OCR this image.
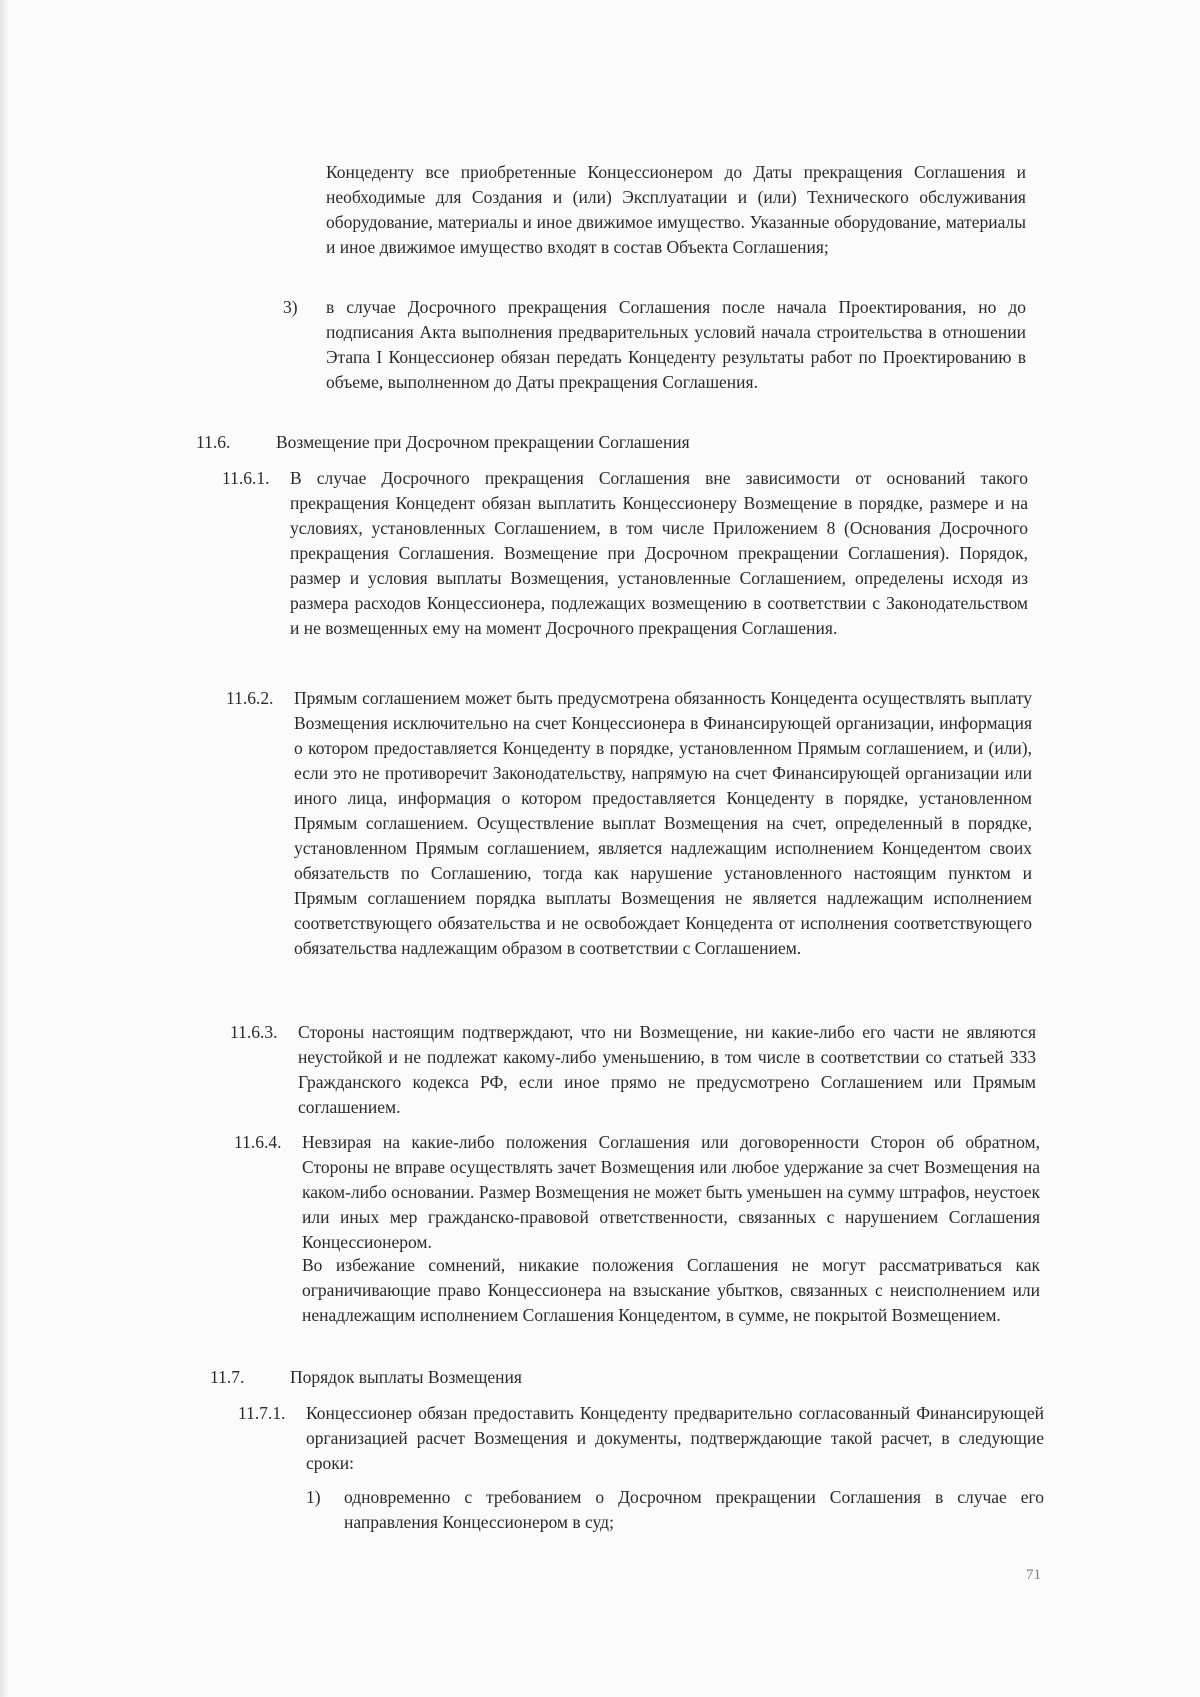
Концеденту все приобретенные Концессионером до Даты прекращения Соглашения и необходимые для Создания и (или) Эксплуатации и (или) Технического обслуживания оборудование, материалы и иное движимое имущество. Указанные оборудование, материалы и иное движимое имущество входят в состав Объекта Соглашения;
3) в случае Досрочного прекращения Соглашения после начала Проектирования, но до подписания Акта выполнения предварительных условий начала строительства в отношении Этапа I Концессионер обязан передать Концеденту результаты работ по Проектированию в объеме, выполненном до Даты прекращения Соглашения.
11.6.	Возмещение при Досрочном прекращении Соглашения
11.6.1. В случае Досрочного прекращения Соглашения вне зависимости от оснований такого прекращения Концедент обязан выплатить Концессионеру Возмещение в порядке, размере и на условиях, установленных Соглашением, в том числе Приложением 8 (Основания Досрочного прекращения Соглашения. Возмещение при Досрочном прекращении Соглашения). Порядок, размер и условия выплаты Возмещения, установленные Соглашением, определены исходя из размера расходов Концессионера, подлежащих возмещению в соответствии с Законодательством и не возмещенных ему на момент Досрочного прекращения Соглашения.
11.6.2. Прямым соглашением может быть предусмотрена обязанность Концедента осуществлять выплату Возмещения исключительно на счет Концессионера в Финансирующей организации, информация о котором предоставляется Концеденту в порядке, установленном Прямым соглашением, и (или), если это не противоречит Законодательству, напрямую на счет Финансирующей организации или иного лица, информация о котором предоставляется Концеденту в порядке, установленном Прямым соглашением. Осуществление выплат Возмещения на счет, определенный в порядке, установленном Прямым соглашением, является надлежащим исполнением Концедентом своих обязательств по Соглашению, тогда как нарушение установленного настоящим пунктом и Прямым соглашением порядка выплаты Возмещения не является надлежащим исполнением соответствующего обязательства и не освобождает Концедента от исполнения соответствующего обязательства надлежащим образом в соответствии с Соглашением.
11.6.3. Стороны настоящим подтверждают, что ни Возмещение, ни какие-либо его части не являются неустойкой и не подлежат какому-либо уменьшению, в том числе в соответствии со статьей 333 Гражданского кодекса РФ, если иное прямо не предусмотрено Соглашением или Прямым соглашением.
11.6.4. Невзирая на какие-либо положения Соглашения или договоренности Сторон об обратном, Стороны не вправе осуществлять зачет Возмещения или любое удержание за счет Возмещения на каком-либо основании. Размер Возмещения не может быть уменьшен на сумму штрафов, неустоек или иных мер гражданско-правовой ответственности, связанных с нарушением Соглашения Концессионером.
Во избежание сомнений, никакие положения Соглашения не могут рассматриваться как ограничивающие право Концессионера на взыскание убытков, связанных с неисполнением или ненадлежащим исполнением Соглашения Концедентом, в сумме, не покрытой Возмещением.
11.7.	Порядок выплаты Возмещения
11.7.1. Концессионер обязан предоставить Концеденту предварительно согласованный Финансирующей организацией расчет Возмещения и документы, подтверждающие такой расчет, в следующие сроки:
1) одновременно с требованием о Досрочном прекращении Соглашения в случае его направления Концессионером в суд;
71
